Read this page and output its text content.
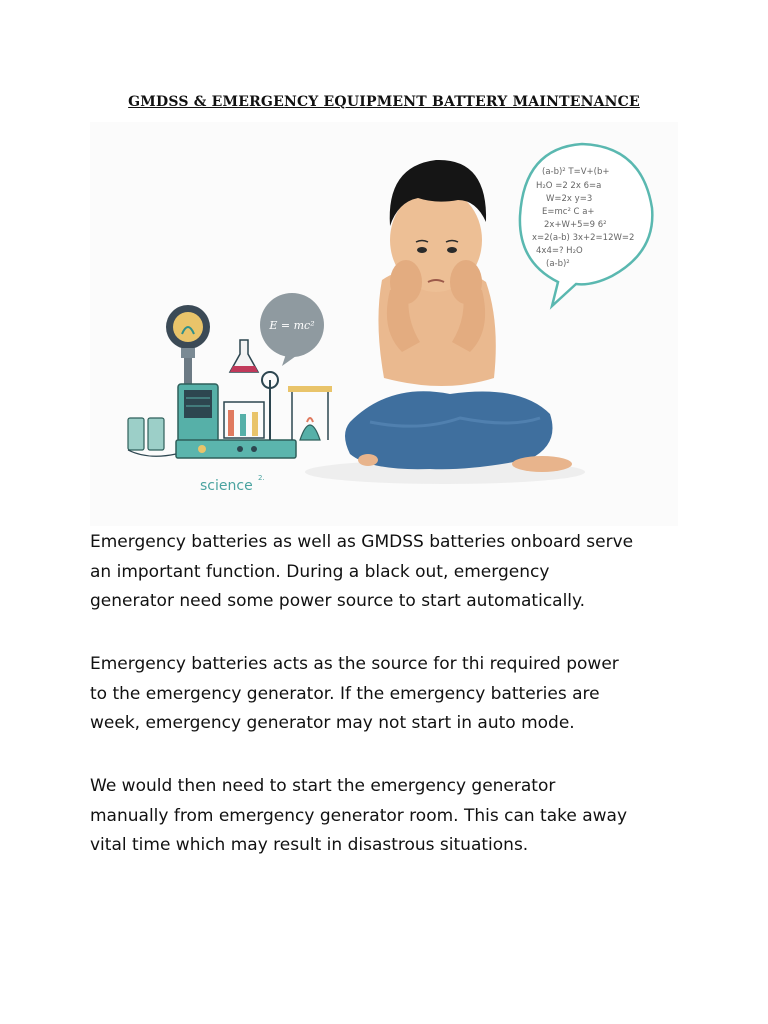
GMDSS & EMERGENCY EQUIPMENT BATTERY MAINTENANCE
E = mc²
science 2.
(a-b)² T=V+(b+
H₂O =2 2x 6=a
W=2x y=3
E=mc² C a+
2x+W+5=9 6²
x=2(a-b) 3x+2=12W=2
4x4=? H₂O
(a-b)²

Emergency batteries as well as GMDSS batteries onboard serve
an important function. During a black out, emergency
generator need some power source to start automatically.

Emergency batteries acts as the source for thi required power
to the emergency generator. If the emergency batteries are
week, emergency generator may not start in auto mode.

We would then need to start the emergency generator
manually from emergency generator room. This can take away
vital time which may result in disastrous situations.
